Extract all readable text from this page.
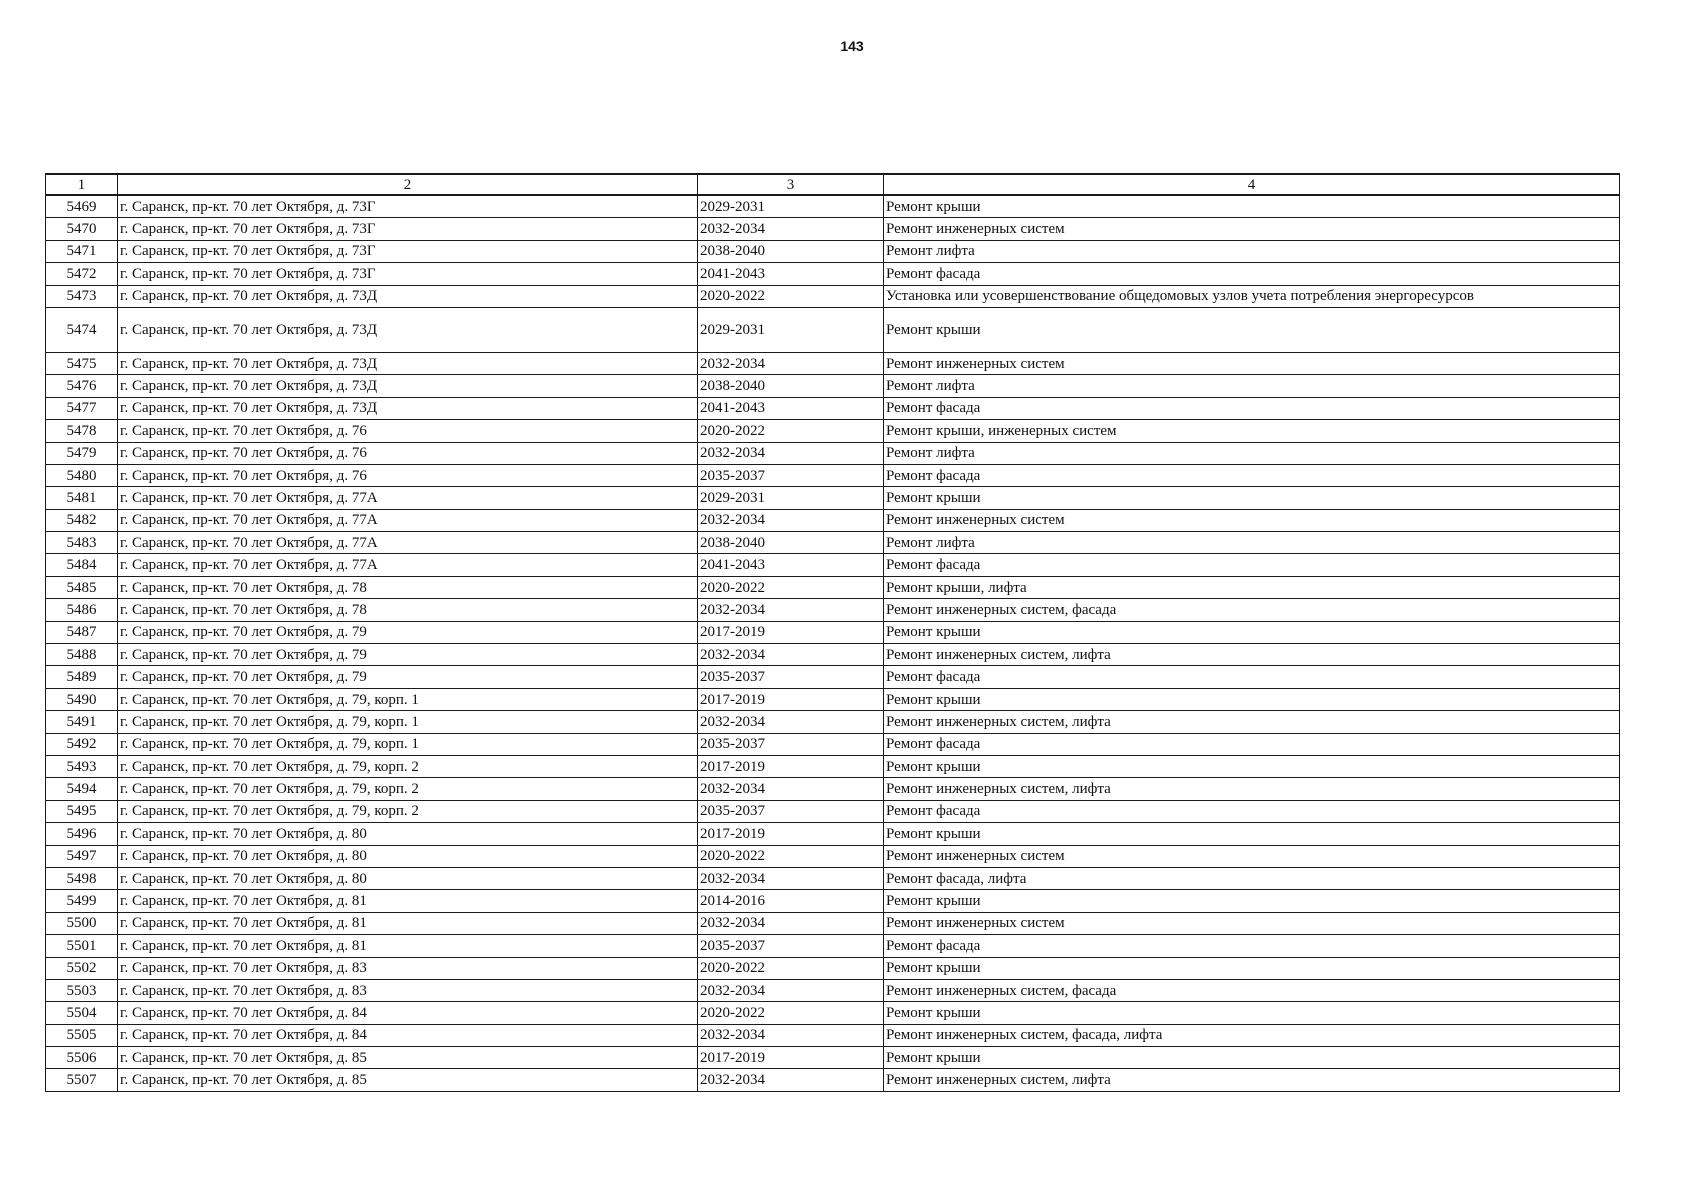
143
1	2	3	4
5469	г. Саранск, пр-кт. 70 лет Октября, д. 73Г	2029-2031	Ремонт крыши
5470	г. Саранск, пр-кт. 70 лет Октября, д. 73Г	2032-2034	Ремонт инженерных систем
5471	г. Саранск, пр-кт. 70 лет Октября, д. 73Г	2038-2040	Ремонт лифта
5472	г. Саранск, пр-кт. 70 лет Октября, д. 73Г	2041-2043	Ремонт фасада
5473	г. Саранск, пр-кт. 70 лет Октября, д. 73Д	2020-2022	Установка или усовершенствование общедомовых узлов учета потребления энергоресурсов
5474	г. Саранск, пр-кт. 70 лет Октября, д. 73Д	2029-2031	Ремонт крыши
5475	г. Саранск, пр-кт. 70 лет Октября, д. 73Д	2032-2034	Ремонт инженерных систем
5476	г. Саранск, пр-кт. 70 лет Октября, д. 73Д	2038-2040	Ремонт лифта
5477	г. Саранск, пр-кт. 70 лет Октября, д. 73Д	2041-2043	Ремонт фасада
5478	г. Саранск, пр-кт. 70 лет Октября, д. 76	2020-2022	Ремонт крыши, инженерных систем
5479	г. Саранск, пр-кт. 70 лет Октября, д. 76	2032-2034	Ремонт лифта
5480	г. Саранск, пр-кт. 70 лет Октября, д. 76	2035-2037	Ремонт фасада
5481	г. Саранск, пр-кт. 70 лет Октября, д. 77А	2029-2031	Ремонт крыши
5482	г. Саранск, пр-кт. 70 лет Октября, д. 77А	2032-2034	Ремонт инженерных систем
5483	г. Саранск, пр-кт. 70 лет Октября, д. 77А	2038-2040	Ремонт лифта
5484	г. Саранск, пр-кт. 70 лет Октября, д. 77А	2041-2043	Ремонт фасада
5485	г. Саранск, пр-кт. 70 лет Октября, д. 78	2020-2022	Ремонт крыши, лифта
5486	г. Саранск, пр-кт. 70 лет Октября, д. 78	2032-2034	Ремонт инженерных систем, фасада
5487	г. Саранск, пр-кт. 70 лет Октября, д. 79	2017-2019	Ремонт крыши
5488	г. Саранск, пр-кт. 70 лет Октября, д. 79	2032-2034	Ремонт инженерных систем, лифта
5489	г. Саранск, пр-кт. 70 лет Октября, д. 79	2035-2037	Ремонт фасада
5490	г. Саранск, пр-кт. 70 лет Октября, д. 79, корп. 1	2017-2019	Ремонт крыши
5491	г. Саранск, пр-кт. 70 лет Октября, д. 79, корп. 1	2032-2034	Ремонт инженерных систем, лифта
5492	г. Саранск, пр-кт. 70 лет Октября, д. 79, корп. 1	2035-2037	Ремонт фасада
5493	г. Саранск, пр-кт. 70 лет Октября, д. 79, корп. 2	2017-2019	Ремонт крыши
5494	г. Саранск, пр-кт. 70 лет Октября, д. 79, корп. 2	2032-2034	Ремонт инженерных систем, лифта
5495	г. Саранск, пр-кт. 70 лет Октября, д. 79, корп. 2	2035-2037	Ремонт фасада
5496	г. Саранск, пр-кт. 70 лет Октября, д. 80	2017-2019	Ремонт крыши
5497	г. Саранск, пр-кт. 70 лет Октября, д. 80	2020-2022	Ремонт инженерных систем
5498	г. Саранск, пр-кт. 70 лет Октября, д. 80	2032-2034	Ремонт фасада, лифта
5499	г. Саранск, пр-кт. 70 лет Октября, д. 81	2014-2016	Ремонт крыши
5500	г. Саранск, пр-кт. 70 лет Октября, д. 81	2032-2034	Ремонт инженерных систем
5501	г. Саранск, пр-кт. 70 лет Октября, д. 81	2035-2037	Ремонт фасада
5502	г. Саранск, пр-кт. 70 лет Октября, д. 83	2020-2022	Ремонт крыши
5503	г. Саранск, пр-кт. 70 лет Октября, д. 83	2032-2034	Ремонт инженерных систем, фасада
5504	г. Саранск, пр-кт. 70 лет Октября, д. 84	2020-2022	Ремонт крыши
5505	г. Саранск, пр-кт. 70 лет Октября, д. 84	2032-2034	Ремонт инженерных систем, фасада, лифта
5506	г. Саранск, пр-кт. 70 лет Октября, д. 85	2017-2019	Ремонт крыши
5507	г. Саранск, пр-кт. 70 лет Октября, д. 85	2032-2034	Ремонт инженерных систем, лифта
